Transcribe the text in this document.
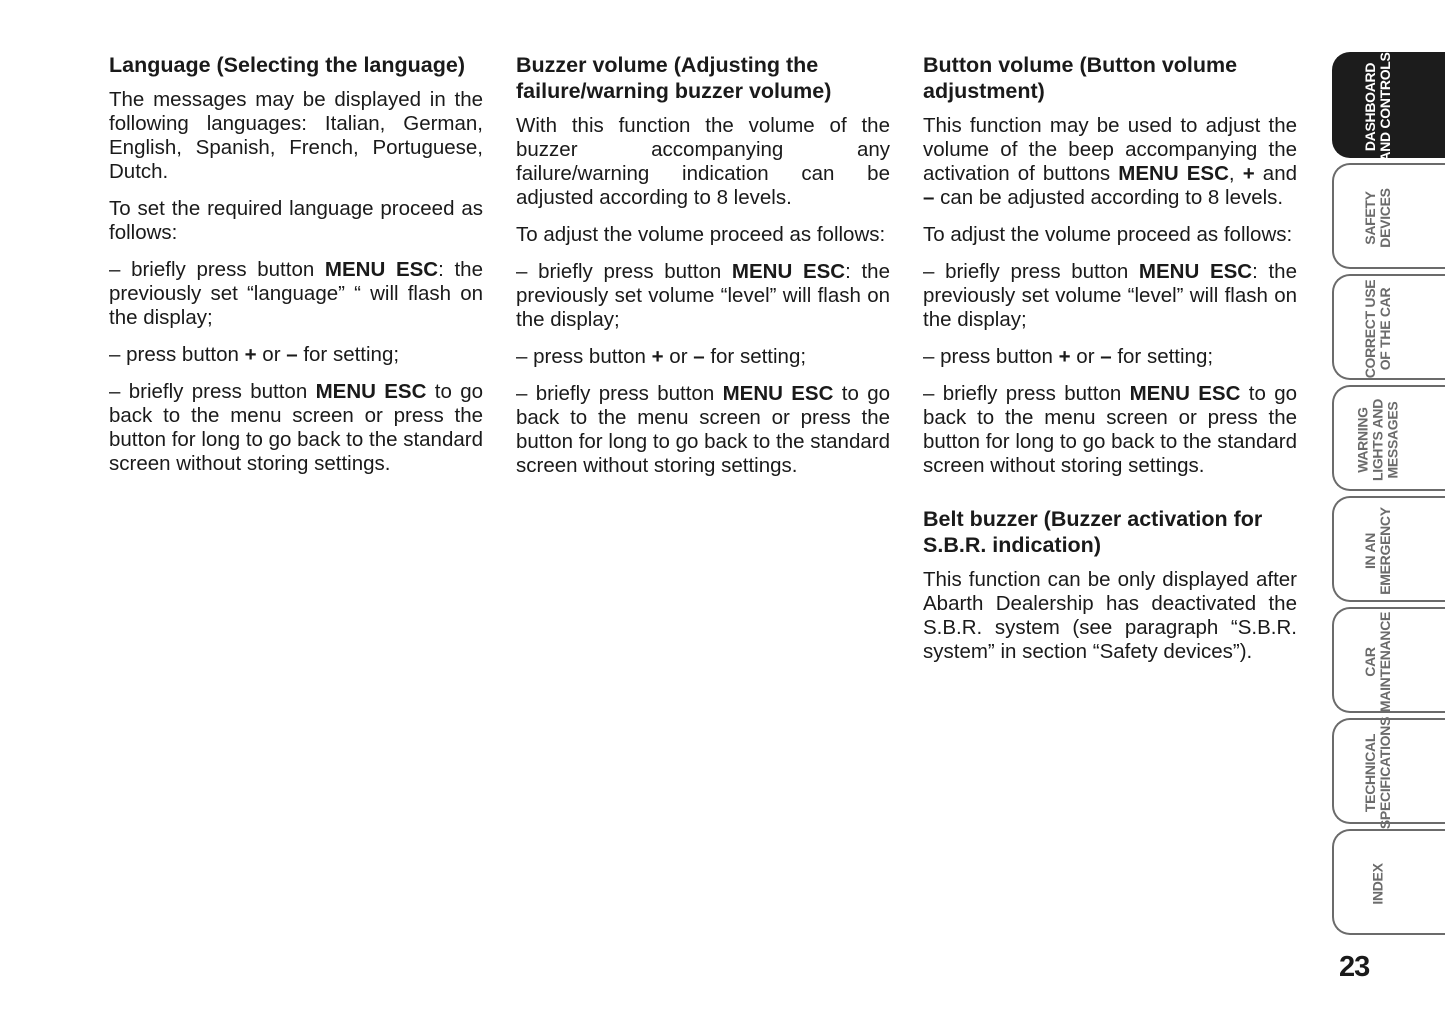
Language (Selecting the language)

The messages may be displayed in the following languages: Italian, German, English, Spanish, French, Portuguese, Dutch.

To set the required language proceed as follows:

– briefly press button MENU ESC: the previously set “language” “ will flash on the display;

– press button + or – for setting;

– briefly press button MENU ESC to go back to the menu screen or press the button for long to go back to the standard screen without storing settings.

Buzzer volume (Adjusting the failure/warning buzzer volume)

With this function the volume of the buzzer accompanying any failure/warning indication can be adjusted according to 8 levels.

To adjust the volume proceed as follows:

– briefly press button MENU ESC: the previously set volume “level” will flash on the display;

– press button + or – for setting;

– briefly press button MENU ESC to go back to the menu screen or press the button for long to go back to the standard screen without storing settings.

Button volume (Button volume adjustment)

This function may be used to adjust the volume of the beep accompanying the activation of buttons MENU ESC, + and – can be adjusted according to 8 levels.

To adjust the volume proceed as follows:

– briefly press button MENU ESC: the previously set volume “level” will flash on the display;

– press button + or – for setting;

– briefly press button MENU ESC to go back to the menu screen or press the button for long to go back to the standard screen without storing settings.

Belt buzzer (Buzzer activation for S.B.R. indication)

This function can be only displayed after Abarth Dealership has deactivated the S.B.R. system (see paragraph “S.B.R. system” in section “Safety devices”).

DASHBOARD
AND CONTROLS
SAFETY
DEVICES
CORRECT USE
OF THE CAR
WARNING
LIGHTS AND
MESSAGES
IN AN
EMERGENCY
CAR
MAINTENANCE
TECHNICAL
SPECIFICATIONS
INDEX
23
